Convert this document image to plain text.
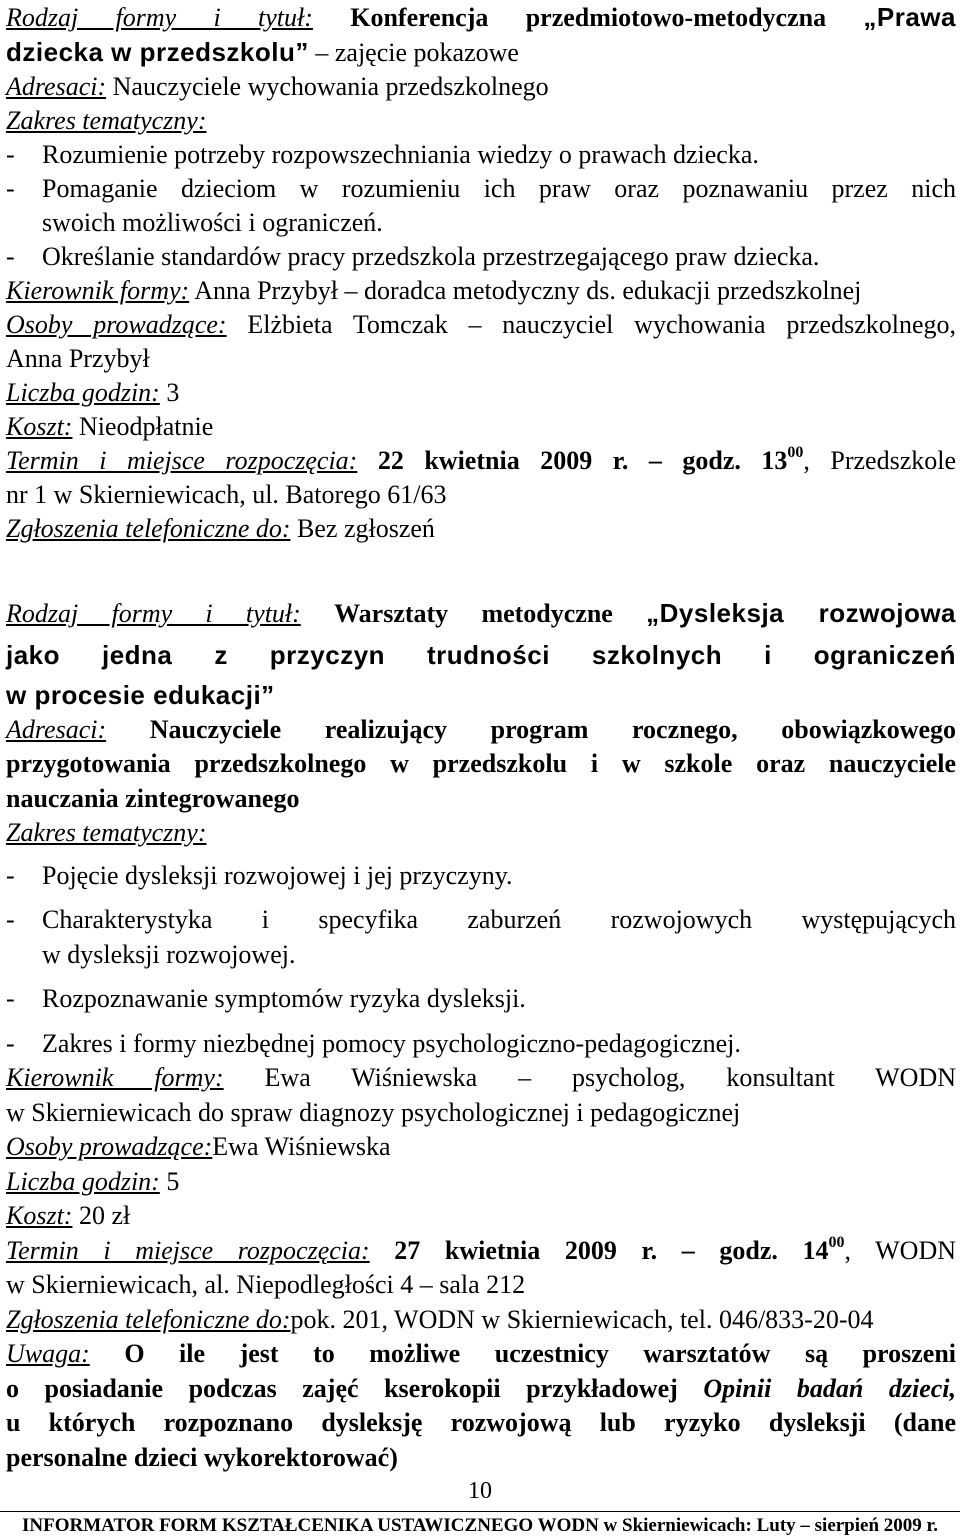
Rodzaj formy i tytuł: Konferencja przedmiotowo-metodyczna „Prawa
dziecka w przedszkolu” – zajęcie pokazowe
Adresaci: Nauczyciele wychowania przedszkolnego
Zakres tematyczny:
- Rozumienie potrzeby rozpowszechniania wiedzy o prawach dziecka.
- Pomaganie dzieciom w rozumieniu ich praw oraz poznawaniu przez nich
swoich możliwości i ograniczeń.
- Określanie standardów pracy przedszkola przestrzegającego praw dziecka.
Kierownik formy: Anna Przybył – doradca metodyczny ds. edukacji przedszkolnej
Osoby prowadzące: Elżbieta Tomczak – nauczyciel wychowania przedszkolnego,
Anna Przybył
Liczba godzin: 3
Koszt: Nieodpłatnie
Termin i miejsce rozpoczęcia: 22 kwietnia 2009 r. – godz. $13^{00}$, Przedszkole
nr 1 w Skierniewicach, ul. Batorego 61/63
Zgłoszenia telefoniczne do: Bez zgłoszeń
Rodzaj formy i tytuł: Warsztaty metodyczne „Dysleksja rozwojowa
jako jedna z przyczyn trudności szkolnych i ograniczeń
w procesie edukacji”
Adresaci: Nauczyciele realizujący program rocznego, obowiązkowego
przygotowania przedszkolnego w przedszkolu i w szkole oraz nauczyciele
nauczania zintegrowanego
Zakres tematyczny:
- Pojęcie dysleksji rozwojowej i jej przyczyny.
- Charakterystyka i specyfika zaburzeń rozwojowych występujących
w dysleksji rozwojowej.
- Rozpoznawanie symptomów ryzyka dysleksji.
- Zakres i formy niezbędnej pomocy psychologiczno-pedagogicznej.
Kierownik formy: Ewa Wiśniewska – psycholog, konsultant WODN
w Skierniewicach do spraw diagnozy psychologicznej i pedagogicznej
Osoby prowadzące:Ewa Wiśniewska
Liczba godzin: 5
Koszt: 20 zł
Termin i miejsce rozpoczęcia: 27 kwietnia 2009 r. – godz. $14^{00}$, WODN
w Skierniewicach, al. Niepodległości 4 – sala 212
Zgłoszenia telefoniczne do:pok. 201, WODN w Skierniewicach, tel. 046/833-20-04
Uwaga: O ile jest to możliwe uczestnicy warsztatów są proszeni
o posiadanie podczas zajęć kserokopii przykładowej Opinii badań dzieci,
u których rozpoznano dysleksję rozwojową lub ryzyko dysleksji (dane
personalne dzieci wykorektorować)
10
INFORMATOR FORM KSZTAŁCENIKA USTAWICZNEGO WODN w Skierniewicach: Luty – sierpień 2009 r.
